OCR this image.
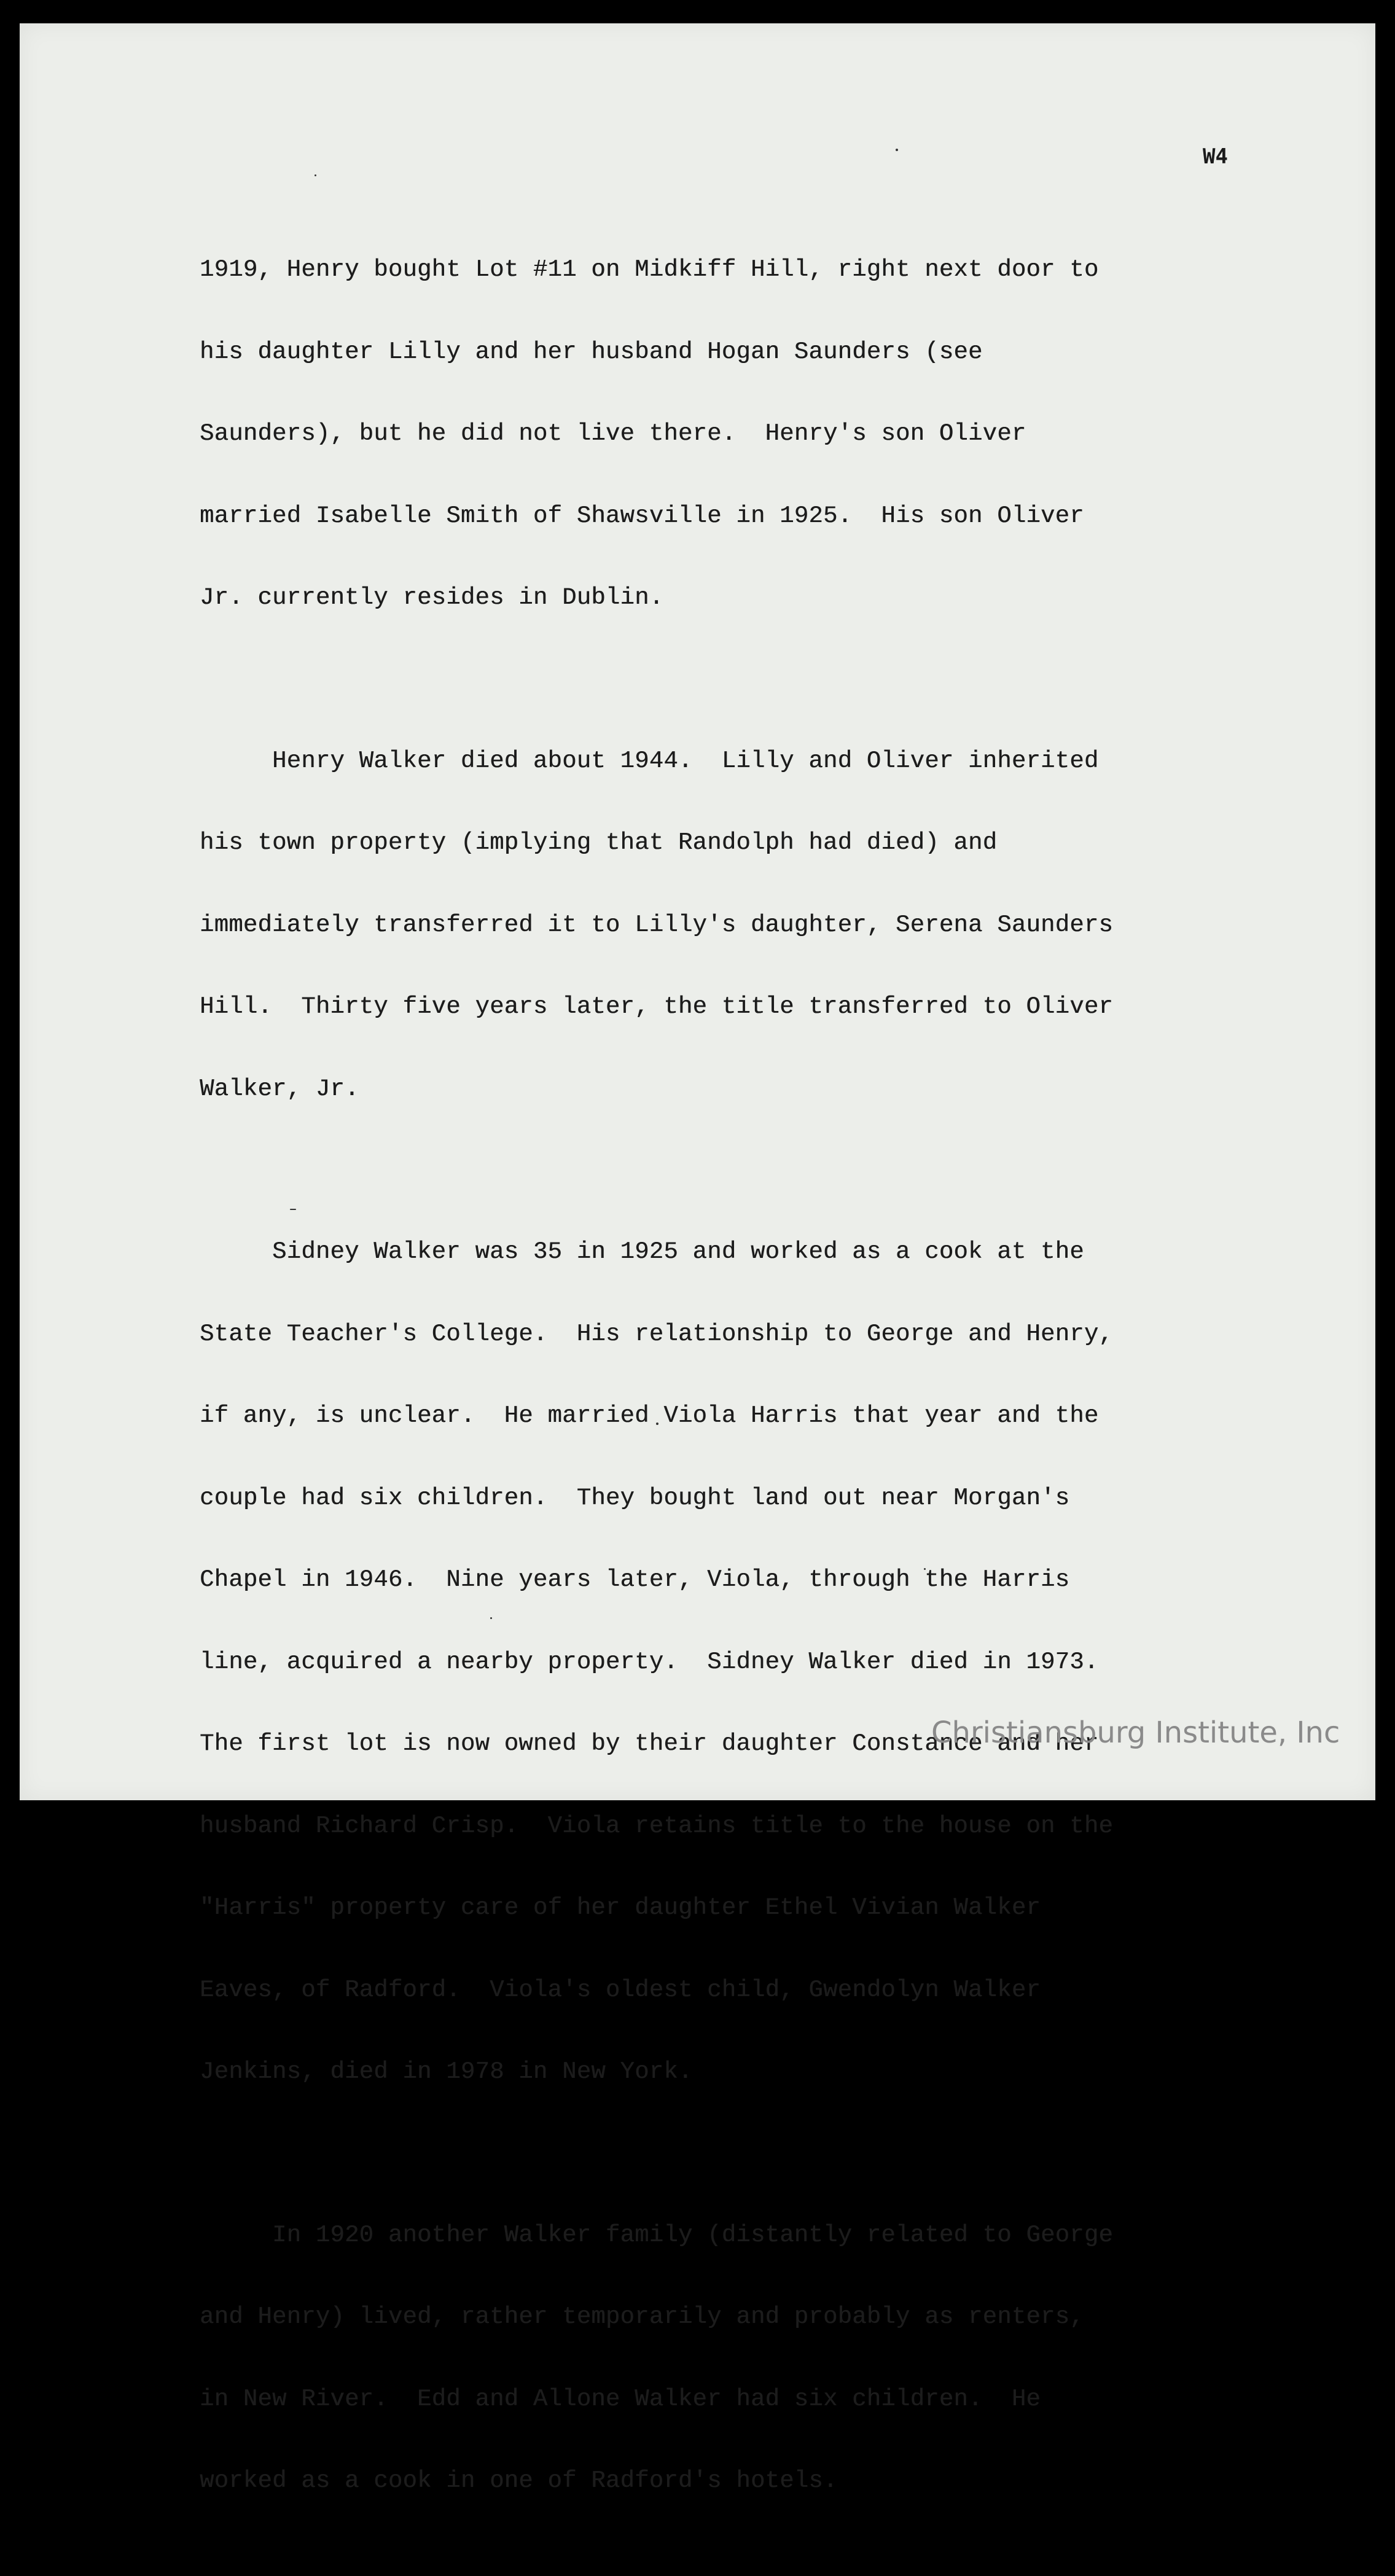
W4

1919, Henry bought Lot #11 on Midkiff Hill, right next door to

his daughter Lilly and her husband Hogan Saunders (see

Saunders), but he did not live there.  Henry's son Oliver

married Isabelle Smith of Shawsville in 1925.  His son Oliver

Jr. currently resides in Dublin.

Henry Walker died about 1944.  Lilly and Oliver inherited

his town property (implying that Randolph had died) and

immediately transferred it to Lilly's daughter, Serena Saunders

Hill.  Thirty five years later, the title transferred to Oliver

Walker, Jr.

Sidney Walker was 35 in 1925 and worked as a cook at the

State Teacher's College.  His relationship to George and Henry,

if any, is unclear.  He married Viola Harris that year and the

couple had six children.  They bought land out near Morgan's

Chapel in 1946.  Nine years later, Viola, through the Harris

line, acquired a nearby property.  Sidney Walker died in 1973.

The first lot is now owned by their daughter Constance and her

husband Richard Crisp.  Viola retains title to the house on the

"Harris" property care of her daughter Ethel Vivian Walker

Eaves, of Radford.  Viola's oldest child, Gwendolyn Walker

Jenkins, died in 1978 in New York.

In 1920 another Walker family (distantly related to George

and Henry) lived, rather temporarily and probably as renters,

in New River.  Edd and Allone Walker had six children.  He

worked as a cook in one of Radford's hotels.

Christiansburg Institute, Inc
